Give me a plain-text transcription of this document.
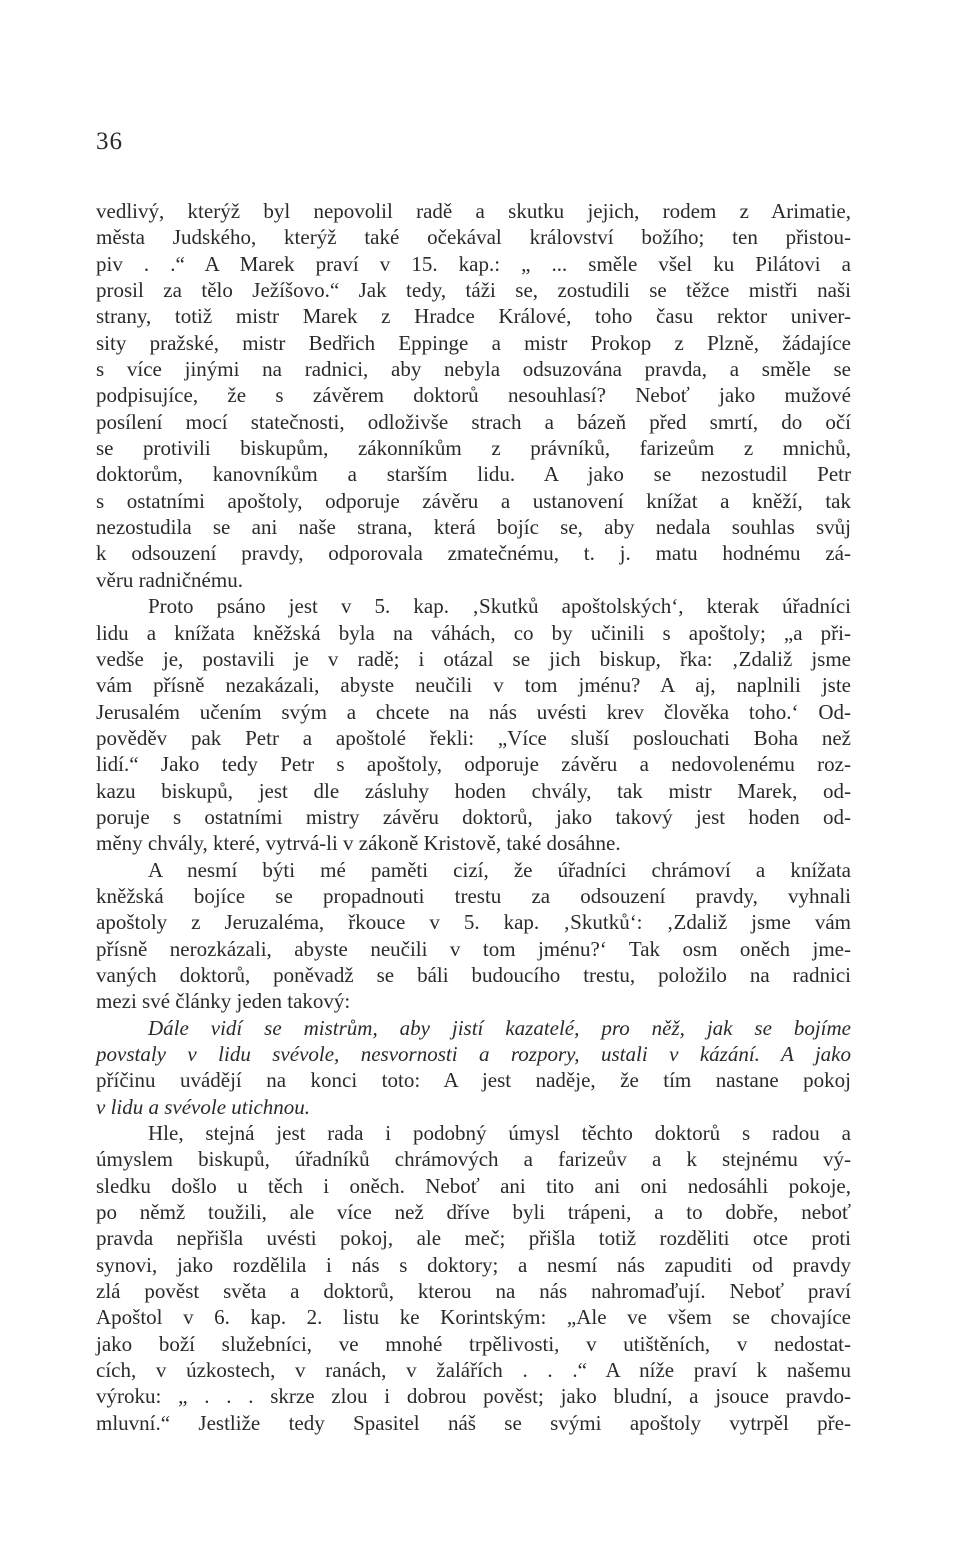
36
vedlivý, kterýž byl nepovolil radě a skutku jejich, rodem z Arimatie,
města Judského, kterýž také očekával království božího; ten přistou-
piv . .“ A Marek praví v 15. kap.: „ ... směle všel ku Pilátovi a
prosil za tělo Ježíšovo.“ Jak tedy, táži se, zostudili se těžce mistři naši
strany, totiž mistr Marek z Hradce Králové, toho času rektor univer-
sity pražské, mistr Bedřich Eppinge a mistr Prokop z Plzně, žádajíce
s více jinými na radnici, aby nebyla odsuzována pravda, a směle se
podpisujíce, že s závěrem doktorů nesouhlasí? Neboť jako mužové
posílení mocí statečnosti, odloživše strach a bázeň před smrtí, do očí
se protivili biskupům, zákonníkům z právníků, farizeům z mnichů,
doktorům, kanovníkům a starším lidu. A jako se nezostudil Petr
s ostatními apoštoly, odporuje závěru a ustanovení knížat a kněží, tak
nezostudila se ani naše strana, která bojíc se, aby nedala souhlas svůj
k odsouzení pravdy, odporovala zmatečnému, t. j. matu hodnému zá-
věru radničnému.
Proto psáno jest v 5. kap. ‚Skutků apoštolských‘, kterak úřadníci
lidu a knížata kněžská byla na váhách, co by učinili s apoštoly; „a při-
vedše je, postavili je v radě; i otázal se jich biskup, řka: ‚Zdaliž jsme
vám přísně nezakázali, abyste neučili v tom jménu? A aj, naplnili jste
Jerusalém učením svým a chcete na nás uvésti krev člověka toho.‘ Od-
pověděv pak Petr a apoštolé řekli: „Více sluší poslouchati Boha než
lidí.“ Jako tedy Petr s apoštoly, odporuje závěru a nedovolenému roz-
kazu biskupů, jest dle zásluhy hoden chvály, tak mistr Marek, od-
poruje s ostatními mistry závěru doktorů, jako takový jest hoden od-
měny chvály, které, vytrvá-li v zákoně Kristově, také dosáhne.
A nesmí býti mé paměti cizí, že úřadníci chrámoví a knížata
kněžská bojíce se propadnouti trestu za odsouzení pravdy, vyhnali
apoštoly z Jeruzaléma, řkouce v 5. kap. ‚Skutků‘: ‚Zdaliž jsme vám
přísně nerozkázali, abyste neučili v tom jménu?‘ Tak osm oněch jme-
vaných doktorů, poněvadž se báli budoucího trestu, položilo na radnici
mezi své články jeden takový:
Dále vidí se mistrům, aby jistí kazatelé, pro něž, jak se bojíme
povstaly v lidu svévole, nesvornosti a rozpory, ustali v kázání. A jako
příčinu uvádějí na konci toto: A jest naděje, že tím nastane pokoj
v lidu a svévole utichnou.
Hle, stejná jest rada i podobný úmysl těchto doktorů s radou a
úmyslem biskupů, úřadníků chrámových a farizeův a k stejnému vý-
sledku došlo u těch i oněch. Neboť ani tito ani oni nedosáhli pokoje,
po němž toužili, ale více než dříve byli trápeni, a to dobře, neboť
pravda nepřišla uvésti pokoj, ale meč; přišla totiž rozděliti otce proti
synovi, jako rozdělila i nás s doktory; a nesmí nás zapuditi od pravdy
zlá pověst světa a doktorů, kterou na nás nahromaďují. Neboť praví
Apoštol v 6. kap. 2. listu ke Korintským: „Ale ve všem se chovajíce
jako boží služebníci, ve mnohé trpělivosti, v utištěních, v nedostat-
cích, v úzkostech, v ranách, v žalářích . . .“ A níže praví k našemu
výroku: „ . . . skrze zlou i dobrou pověst; jako bludní, a jsouce pravdo-
mluvní.“ Jestliže tedy Spasitel náš se svými apoštoly vytrpěl pře-
